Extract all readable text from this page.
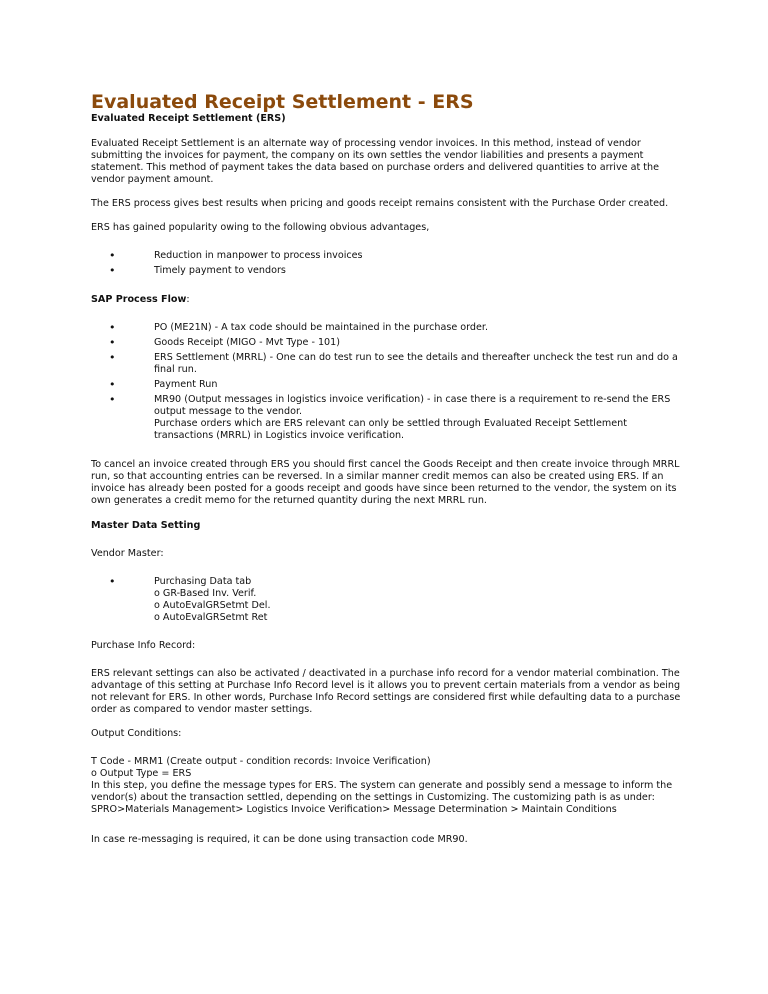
Evaluated Receipt Settlement - ERS
Evaluated Receipt Settlement (ERS)

Evaluated Receipt Settlement is an alternate way of processing vendor invoices. In this method, instead of vendor submitting the invoices for payment, the company on its own settles the vendor liabilities and presents a payment statement. This method of payment takes the data based on purchase orders and delivered quantities to arrive at the vendor payment amount.

The ERS process gives best results when pricing and goods receipt remains consistent with the Purchase Order created.

ERS has gained popularity owing to the following obvious advantages,

• Reduction in manpower to process invoices
• Timely payment to vendors

SAP Process Flow:

• PO (ME21N) - A tax code should be maintained in the purchase order.
• Goods Receipt (MIGO - Mvt Type - 101)
• ERS Settlement (MRRL) - One can do test run to see the details and thereafter uncheck the test run and do a final run.
• Payment Run
• MR90 (Output messages in logistics invoice verification) - in case there is a requirement to re-send the ERS output message to the vendor.
Purchase orders which are ERS relevant can only be settled through Evaluated Receipt Settlement transactions (MRRL) in Logistics invoice verification.

To cancel an invoice created through ERS you should first cancel the Goods Receipt and then create invoice through MRRL run, so that accounting entries can be reversed. In a similar manner credit memos can also be created using ERS. If an invoice has already been posted for a goods receipt and goods have since been returned to the vendor, the system on its own generates a credit memo for the returned quantity during the next MRRL run.

Master Data Setting

Vendor Master:

• Purchasing Data tab
o GR-Based Inv. Verif.
o AutoEvalGRSetmt Del.
o AutoEvalGRSetmt Ret

Purchase Info Record:

ERS relevant settings can also be activated / deactivated in a purchase info record for a vendor material combination. The advantage of this setting at Purchase Info Record level is it allows you to prevent certain materials from a vendor as being not relevant for ERS. In other words, Purchase Info Record settings are considered first while defaulting data to a purchase order as compared to vendor master settings.

Output Conditions:

T Code - MRM1 (Create output - condition records: Invoice Verification)
o Output Type = ERS
In this step, you define the message types for ERS. The system can generate and possibly send a message to inform the vendor(s) about the transaction settled, depending on the settings in Customizing. The customizing path is as under:
SPRO>Materials Management> Logistics Invoice Verification> Message Determination > Maintain Conditions

In case re-messaging is required, it can be done using transaction code MR90.
